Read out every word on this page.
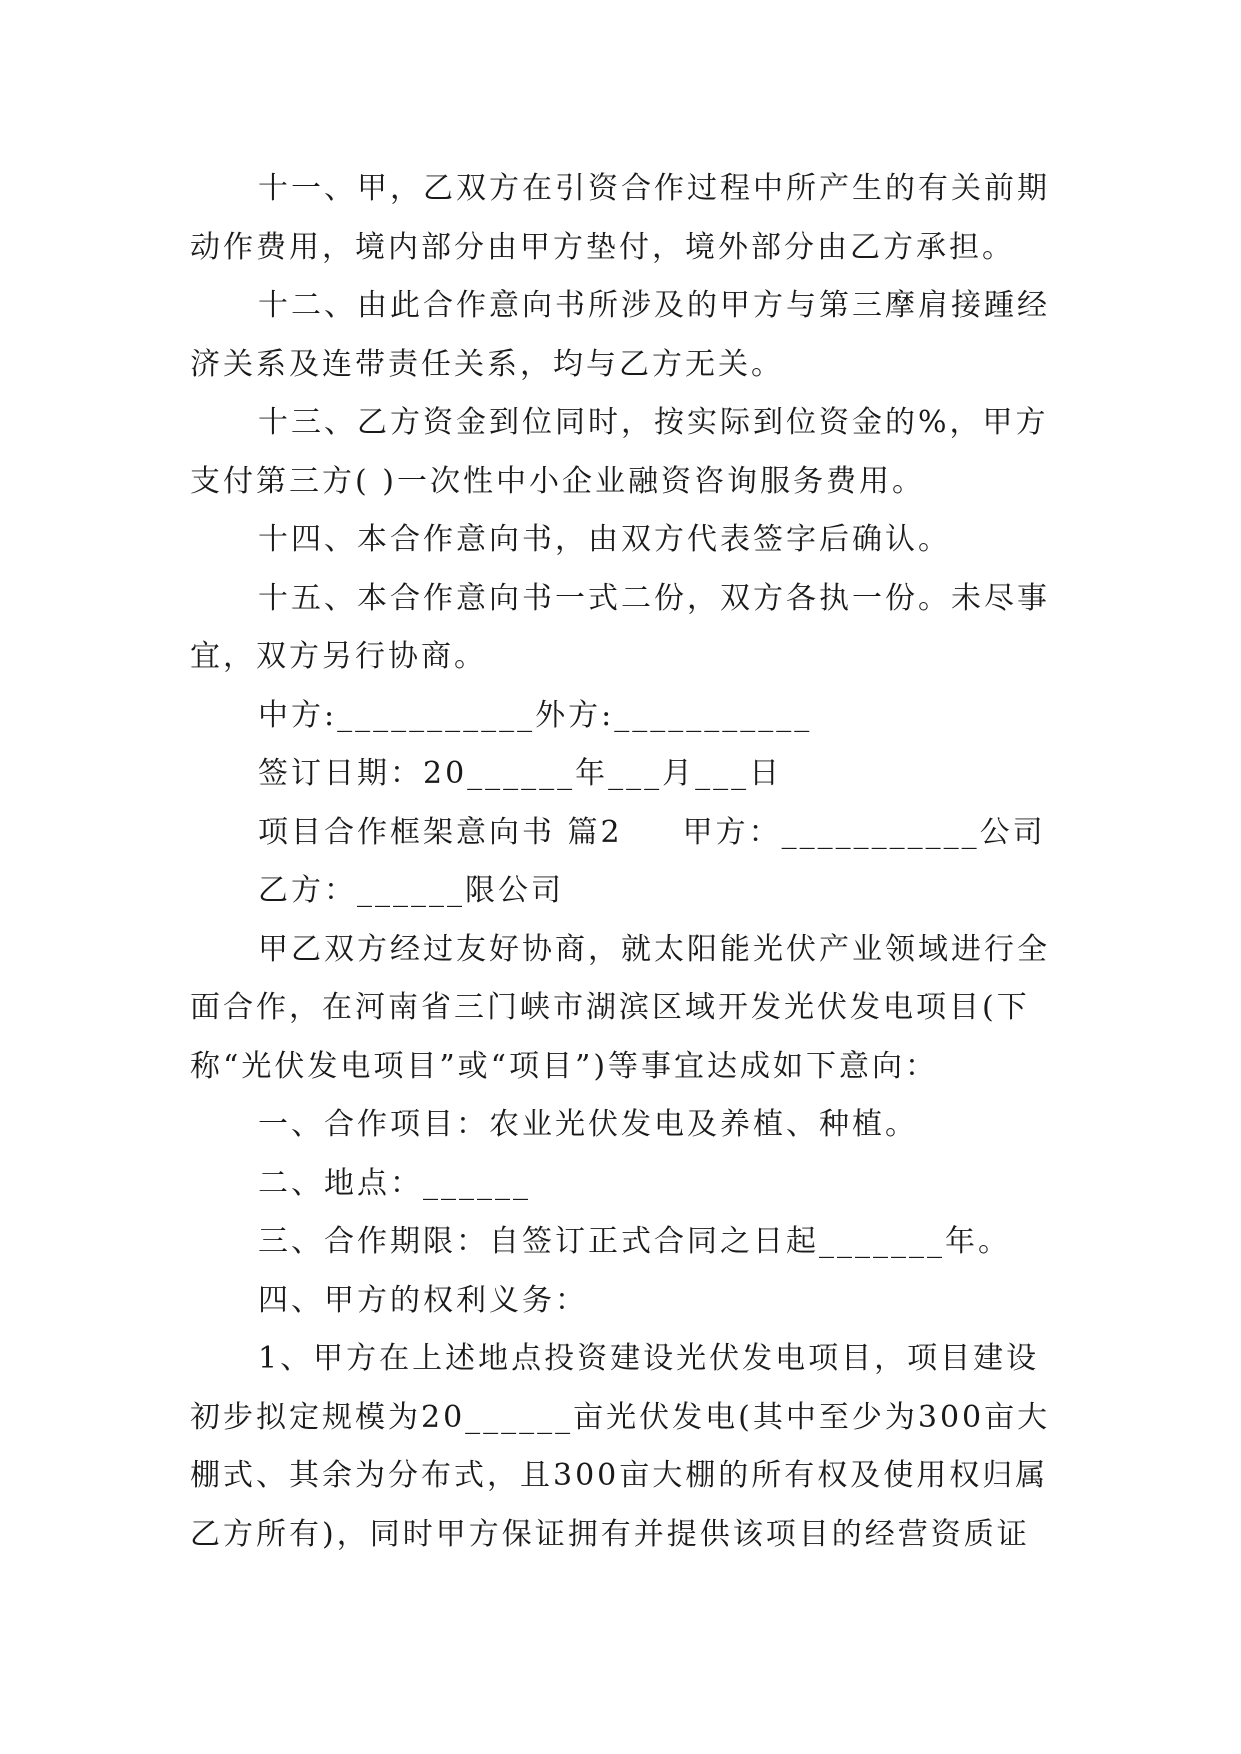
十一、甲，乙双方在引资合作过程中所产生的有关前期
动作费用，境内部分由甲方垫付，境外部分由乙方承担。
十二、由此合作意向书所涉及的甲方与第三摩肩接踵经
济关系及连带责任关系，均与乙方无关。
十三、乙方资金到位同时，按实际到位资金的%，甲方
支付第三方( )一次性中小企业融资咨询服务费用。
十四、本合作意向书，由双方代表签字后确认。
十五、本合作意向书一式二份，双方各执一份。未尽事
宜，双方另行协商。
中方:___________外方:___________
签订日期：20______年___月___日
项目合作框架意向书 篇2 甲方：___________公司
乙方：______限公司
甲乙双方经过友好协商，就太阳能光伏产业领域进行全
面合作，在河南省三门峡市湖滨区域开发光伏发电项目(下
称“光伏发电项目”或“项目”)等事宜达成如下意向：
一、合作项目：农业光伏发电及养植、种植。
二、地点：______
三、合作期限：自签订正式合同之日起_______年。
四、甲方的权利义务：
1、甲方在上述地点投资建设光伏发电项目，项目建设
初步拟定规模为20______亩光伏发电(其中至少为300亩大
棚式、其余为分布式，且300亩大棚的所有权及使用权归属
乙方所有)，同时甲方保证拥有并提供该项目的经营资质证
